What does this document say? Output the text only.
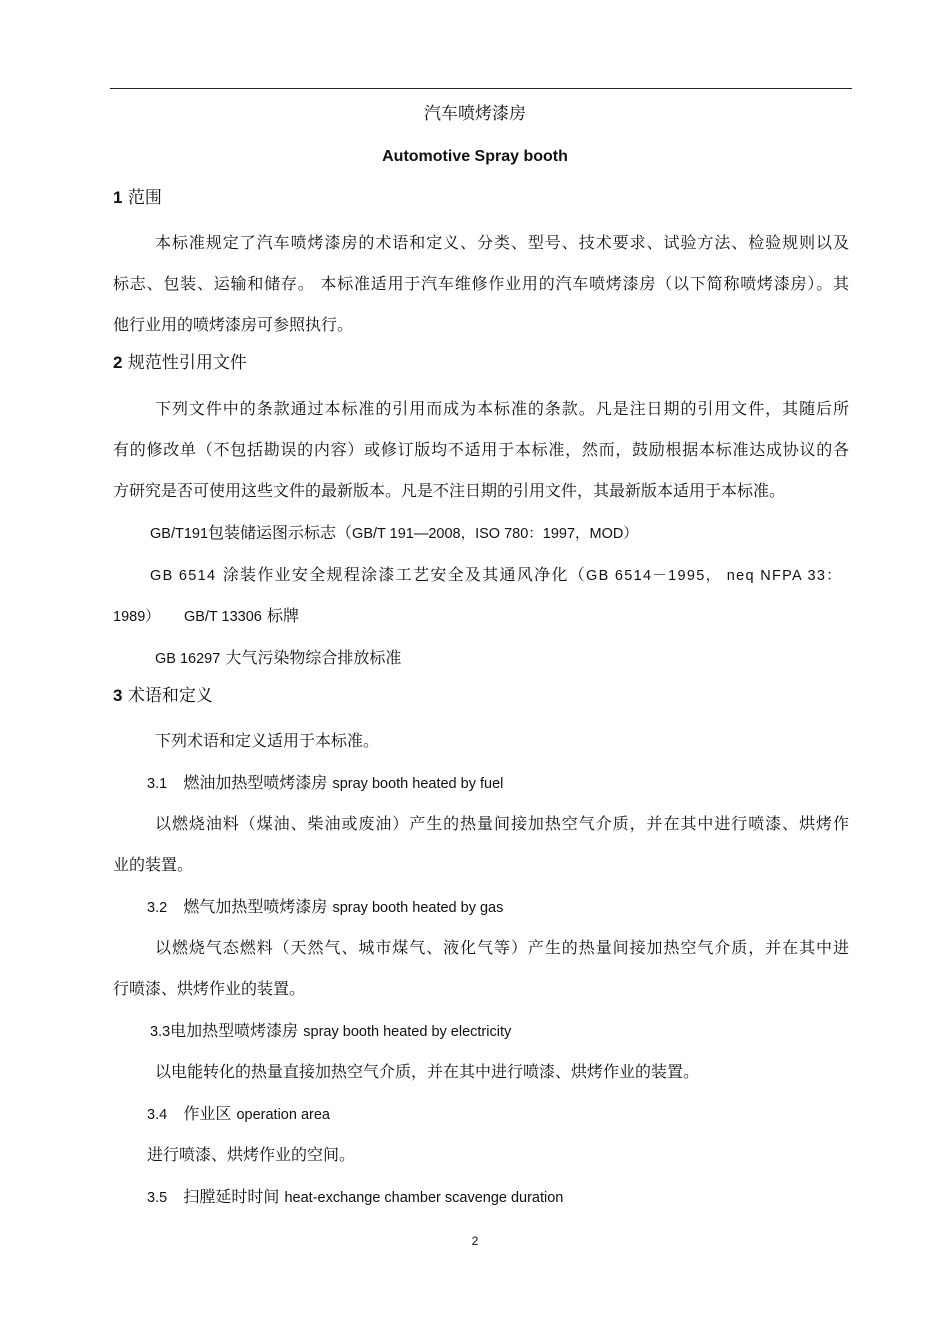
汽车喷烤漆房
Automotive Spray booth
1 范围
本标准规定了汽车喷烤漆房的术语和定义、分类、型号、技术要求、试验方法、检验规则以及
标志、包装、运输和储存。 本标准适用于汽车维修作业用的汽车喷烤漆房（以下简称喷烤漆房）。其
他行业用的喷烤漆房可参照执行。
2 规范性引用文件
下列文件中的条款通过本标准的引用而成为本标准的条款。凡是注日期的引用文件，其随后所
有的修改单（不包括勘误的内容）或修订版均不适用于本标准，然而，鼓励根据本标准达成协议的各
方研究是否可使用这些文件的最新版本。凡是不注日期的引用文件，其最新版本适用于本标准。
GB/T191包装储运图示标志（GB/T 191—2008，ISO 780：1997，MOD）
GB 6514 涂装作业安全规程涂漆工艺安全及其通风净化（GB 6514－1995， neq NFPA 33：
1989） GB/T 13306 标牌
GB 16297 大气污染物综合排放标准
3 术语和定义
下列术语和定义适用于本标准。
3.1 燃油加热型喷烤漆房 spray booth heated by fuel
以燃烧油料（煤油、柴油或废油）产生的热量间接加热空气介质，并在其中进行喷漆、烘烤作
业的装置。
3.2 燃气加热型喷烤漆房 spray booth heated by gas
以燃烧气态燃料（天然气、城市煤气、液化气等）产生的热量间接加热空气介质，并在其中进
行喷漆、烘烤作业的装置。
3.3电加热型喷烤漆房 spray booth heated by electricity
以电能转化的热量直接加热空气介质，并在其中进行喷漆、烘烤作业的装置。
3.4 作业区 operation area
进行喷漆、烘烤作业的空间。
3.5 扫膛延时时间 heat-exchange chamber scavenge duration
2
